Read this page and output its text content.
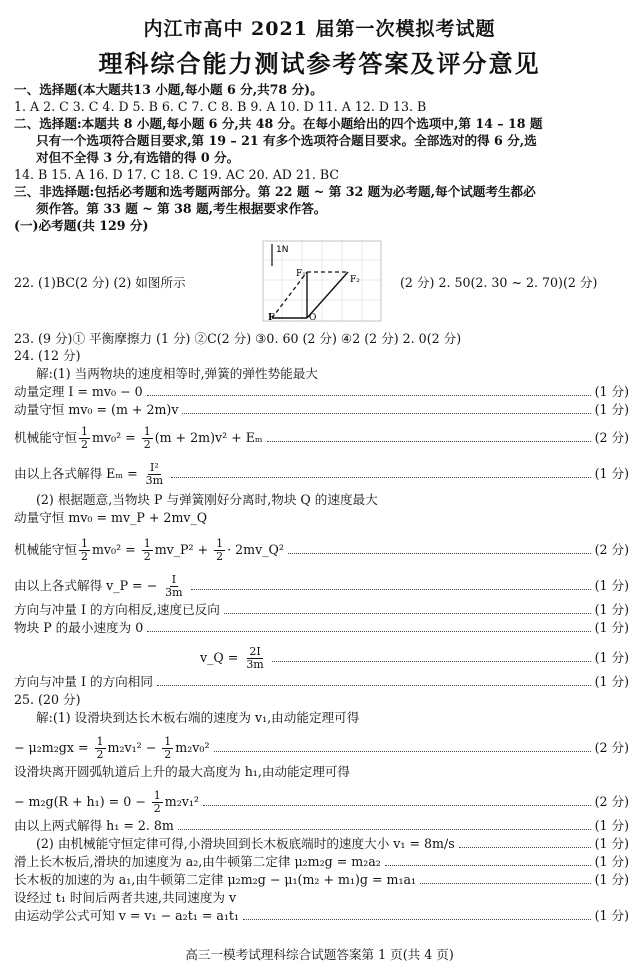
内江市高中 2021 届第一次模拟考试题
理科综合能力测试参考答案及评分意见
一、选择题(本大题共13 小题,每小题 6 分,共78 分)。
1. A 2. C 3. C 4. D 5. B 6. C 7. C 8. B 9. A 10. D 11. A 12. D 13. B
二、选择题:本题共 8 小题,每小题 6 分,共 48 分。在每小题给出的四个选项中,第 14 – 18 题
只有一个选项符合题目要求,第 19 – 21 有多个选项符合题目要求。全部选对的得 6 分,选
对但不全得 3 分,有选错的得 0 分。
14. B 15. A 16. D 17. C 18. C 19. AC 20. AD 21. BC
三、非选择题:包括必考题和选考题两部分。第 22 题 ~ 第 32 题为必考题,每个试题考生都必
须作答。第 33 题 ~ 第 38 题,考生根据要求作答。
(一)必考题(共 129 分)
22. (1)BC(2 分) (2) 如图所示
1N
F₁
F₂
F	O
(2 分) 2. 50(2. 30 ~ 2. 70)(2 分)
23. (9 分)① 平衡摩擦力 (1 分) ②C(2 分) ③0. 60 (2 分) ④2 (2 分) 2. 0(2 分)
24. (12 分)
解:(1) 当两物块的速度相等时,弹簧的弹性势能最大
动量定理 I = mv₀ − 0	(1 分)
动量守恒 mv₀ = (m + 2m)v	(1 分)
机械能守恒 $\frac{1}{2} mv_0^2 = \frac{1}{2} (m + 2m)v^2 + E_m$	(2 分)
由以上各式解得 $E_m = \frac{\text{I²}}{3m}$	(1 分)
(2) 根据题意,当物块 P 与弹簧刚好分离时,物块 Q 的速度最大
动量守恒 mv₀ = mv_P + 2mv_Q
机械能守恒 $\frac{1}{2} mv_0^2 = \frac{1}{2}$ mv_P² + $\frac{1}{2}$ · 2mv_Q²	(2 分)
由以上各式解得 v_P = − $\frac{I}{3m}$	(1 分)
方向与冲量 I 的方向相反,速度已反向	(1 分)
物块 P 的最小速度为 0	(1 分)
v_Q = $\frac{2I}{3m}$	(1 分)
方向与冲量 I 的方向相同	(1 分)
25. (20 分)
解:(1) 设滑块到达长木板右端的速度为 v₁,由动能定理可得
− $\mu_2m_2gx = \frac{1}{2} m_2v_1^2 - \frac{1}{2} m_2v_0^2$	(2 分)
设滑块离开圆弧轨道后上升的最大高度为 h₁,由动能定理可得
− $m_2g(R + h_1) = 0 - \frac{1}{2} m_2v_1^2$	(2 分)
由以上两式解得 h₁ = 2. 8m	(1 分)
(2) 由机械能守恒定律可得,小滑块回到长木板底端时的速度大小 v₁ = 8m/s	(1 分)
滑上长木板后,滑块的加速度为 a₂,由牛顿第二定律 μ₂m₂g = m₂a₂	(1 分)
长木板的加速的为 a₁,由牛顿第二定律 μ₂m₂g − μ₁(m₂ + m₁)g = m₁a₁	(1 分)
设经过 t₁ 时间后两者共速,共同速度为 v
由运动学公式可知 v = v₁ − a₂t₁ = a₁t₁	(1 分)
高三一模考试理科综合试题答案第 1 页(共 4 页)
